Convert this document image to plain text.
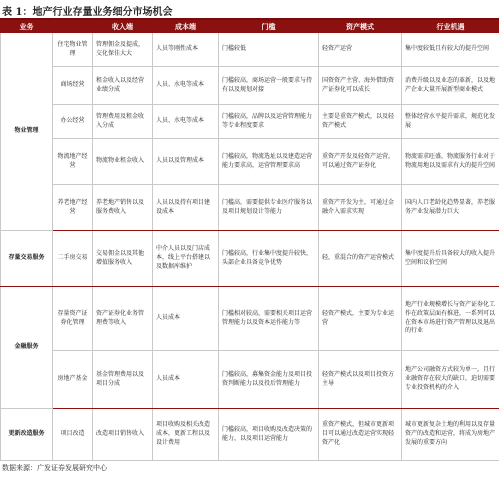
表 1：地产行业存量业务细分市场机会
业务		收入端	成本端	门槛	资产模式	行业机遇
物业管理	住宅物业管理	管理佣金及提成，交化保佳大大	人员等刚性成本	门槛较低	轻资产运营	集中度较低且有较大的提升空间
	商场经营	租金收入以及经营业绩分成	人员、水电等成本	门槛较高，商场运营一般要求与持有以及规划对接	国资资产主营、海外借助资产证券化可以成长	消费升级以及业态的革新，以及地产企业大量开展新型商业模式
	办公经营	管理费用及租金收入分成	人员、水电等成本	门槛较高，品牌以及运营管理能力等专业程度要求	主要是重资产模式，以及轻资产模式	整体经营水平提升需求，规范化发展
	物流地产经营	物流物业租金收入	人员以及管理成本	门槛较高，物流选址以及建造运营能力要求高，运营管理要求高	重资产开发及轻资产运营，可以通过资产证券化	物流需求旺盛，物流服务行业对于物流用地以及需求有大的提升空间
	养老地产经营	养老地产销售以及服务费收入	人员以及持有项目建设成本	门槛高，需要提供专业医疗服务以及项目规划设计等能力	重资产开发为主，可通过金融介入需求实现	国内人口老龄化趋势显著，养老服务产业发展潜力巨大
存量交易服务	二手房交易	交易佣金以及其他增值服务收入	中介人员以及门店成本，线上平台搭建以及数据库维护	门槛较高，行业集中度提升较快，头部企业具备竞争优势	轻，重混合的资产运营模式	集中度提升后具备较大的收入提升空间和议价空间
金融服务	存量资产证券化管理	资产证券化业务管理费等收入	人员成本	门槛相对较高，需要相关项目运营管理能力以及资本运作能力等	轻资产模式，主要为专业运营	地产行业规模增长与资产证券化工作在政策层面有推进，一系列可以在资本市场进行资产管理以及退出的行业
	房地产基金	基金管理费用以及项目分成	人员成本	门槛较高，募集资金能力及项目投资判断能力以及投后管理能力	轻资产模式以及项目投资方主导	地产公司融资方式较为单一，且行业融资存在较大的缺口，迫切需要专业投资机构的介入
更新改造服务	项目改造	改造项目销售收入	项目收购及相关改造成本，更新工程以及设计费用	门槛较高，项目收购及改造决策的能力，以及项目运营能力	重资产模式，但城市更新项目可以通过改造运营实现轻资产化	城市更新复杂土地的利用以及存量资产的改造和运营，将成为房地产发展的重要方向
数据来源：广发证券发展研究中心
